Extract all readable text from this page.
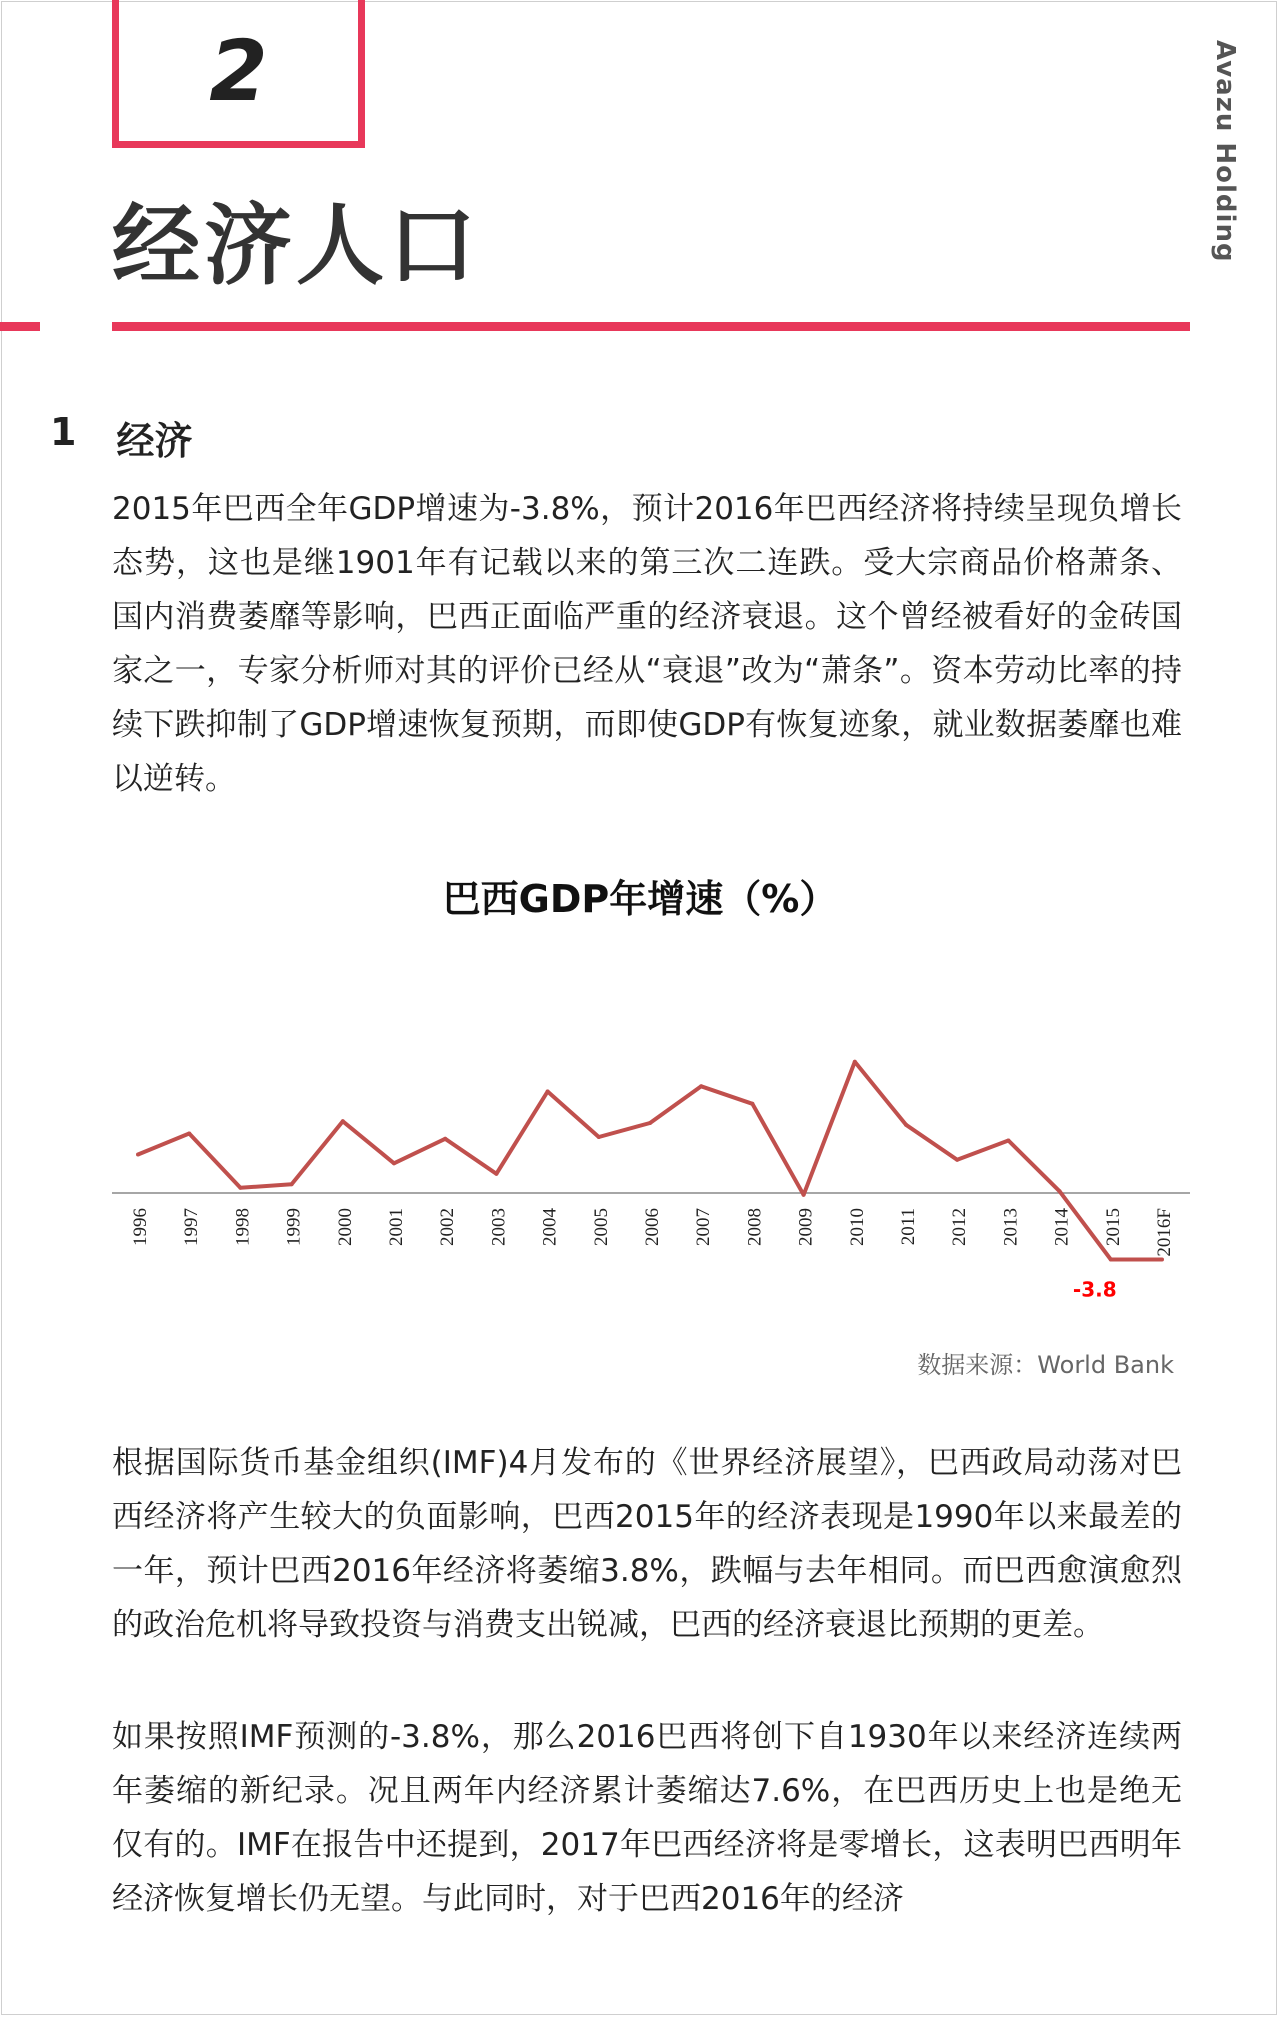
2
经济人口	Avazu Holding
1 经济

2015年巴西全年GDP增速为-3.8%，预计2016年巴西经济将持续呈现负增长态势，这也是继1901年有记载以来的第三次二连跌。受大宗商品价格萧条、国内消费萎靡等影响，巴西正面临严重的经济衰退。这个曾经被看好的金砖国家之一，专家分析师对其的评价已经从“衰退”改为“萧条”。资本劳动比率的持续下跌抑制了GDP增速恢复预期，而即使GDP有恢复迹象，就业数据萎靡也难以逆转。

巴西GDP年增速（%）
1996 1997 1998 1999 2000 2001 2002 2003 2004 2005 2006 2007 2008 2009 2010 2011 2012 2013 2014 2015 2016F
-3.8
数据来源：World Bank

根据国际货币基金组织(IMF)4月发布的《世界经济展望》，巴西政局动荡对巴西经济将产生较大的负面影响，巴西2015年的经济表现是1990年以来最差的一年，预计巴西2016年经济将萎缩3.8%，跌幅与去年相同。而巴西愈演愈烈的政治危机将导致投资与消费支出锐减，巴西的经济衰退比预期的更差。

如果按照IMF预测的-3.8%，那么2016巴西将创下自1930年以来经济连续两年萎缩的新纪录。况且两年内经济累计萎缩达7.6%，在巴西历史上也是绝无仅有的。IMF在报告中还提到，2017年巴西经济将是零增长，这表明巴西明年经济恢复增长仍无望。与此同时，对于巴西2016年的经济
